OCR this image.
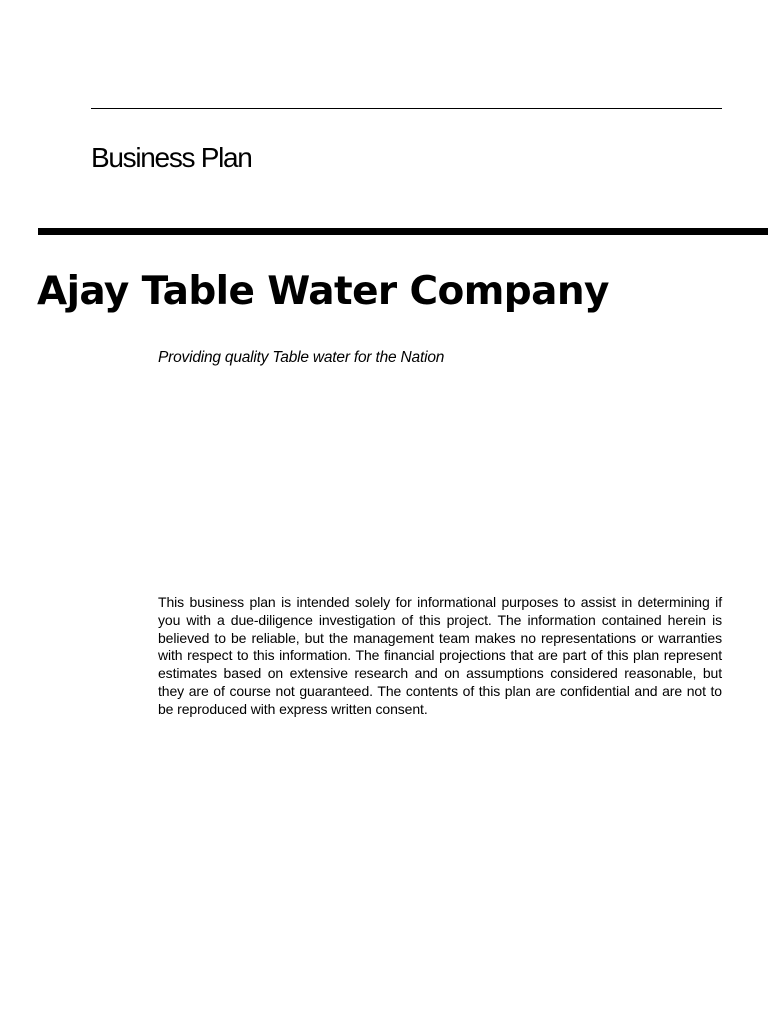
Business Plan
Ajay Table Water Company
Providing quality Table water for the Nation

This business plan is intended solely for informational purposes to assist in determining if you with a due-diligence investigation of this project. The information contained herein is believed to be reliable, but the management team makes no representations or warranties with respect to this information. The financial projections that are part of this plan represent estimates based on extensive research and on assumptions considered reasonable, but they are of course not guaranteed. The contents of this plan are confidential and are not to be reproduced with express written consent.
